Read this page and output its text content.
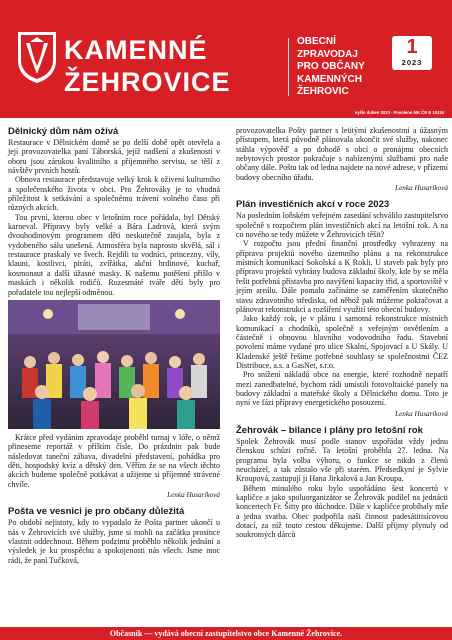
KAMENNÉ
ŽEHROVICE
OBECNÍ
ZPRAVODAJ
PRO OBČANY
KAMENNÝCH
ŽEHROVIC
1
2023
vyšlo duben 2023 · Povolenо MK ČR E 10334
Dělnický dům nám ožívá

Restaurace v Dělnickém domě se po delší době opět otevřela a její provozovatelka paní Táborská, jejíž nadšení a zkušenosti v oboru jsou zárukou kvalitního a příjemného servisu, se těší z návštěv prvních hostů.

Obnova restaurace představuje velký krok k oživení kulturního a společenského života v obci. Pro Žehrováky je to vhodná příležitost k setkávání a společnému trávení volného času při různých akcích.

Tou první, kterou obec v letošním roce pořádala, byl Dětský karneval. Přípravy byly velké a Bára Ladrová, která svým dvouhodinovým programem děti neskutečně zaujala, byla z vydobeného sálu unešená. Atmosféra byla naprosto skvělá, sál i restaurace praskaly ve švech. Rejdili tu vodníci, princezny, víly, klauni, kostlivci, piráti, zvířátka, akční hrdinové, kuchař, kosmonaut a další úžasné masky. K našemu potěšení přišlo v maskách i několik rodičů. Rozesmáté tváře dětí byly pro pořadatele tou nejlepší odměnou.

Krátce před vydáním zpravodaje proběhl turnaj v lóře, o němž přineseme reportáž v příštím čísle. Do prázdnin pak bude následovat taneční zábava, divadelní představení, pohádka pro děti, hospodský kvíz a dětský den. Věřím že se na všech těchto akcích budeme společně potkávat a užijeme si příjemně strávené chvíle.

Lenka Husaríková
Pošta ve vesnici je pro občany důležitá

Po období nejistoty, kdy to vypadalo že Pošta partner ukončí u nás v Žehrovicích své služby, jsme si mohli na začátku prosince vlastnit oddechnout. Během podzimu proběhlo několik jednání a výsledek je ku prospěchu a spokojenosti nás všech. Jsme moc rádi, že paní Tučková,

provozovatelka Pošty partner s letitými zkušenostmi a úžasným přístupem, která původně plánovala ukončit své služby, nakonec stáhla výpověď a po dohodě s obcí o pronájmu obecních nebytových prostor pokračuje s nabízenými službami pro naše občany dále. Poštu tak od ledna najdete na nové adrese, v přízemí budovy obecního úřadu.

Lenka Husaríková
Plán investičních akcí v roce 2023

Na posledním loňském veřejném zasedání schválilo zastupitelstvo společně s rozpočtem plán investičních akcí na letošní rok. A na co nového se tedy můžete v Žehrovicích těšit?

V rozpočtu jsou přední finanční prostředky vyhrazeny na přípravu projektů nového územního plánu a na rekonstrukce místních komunikací Sokolská a K Rokli. U staveb pak byly pro přípravu projektů vybrány budova základní školy, kde by se měla řešit potřebná přístavba pro navýšení kapacity třid, a sportoviště v jejím areálu. Dále pomalu začínáme se zaměřením skutečného stavu zdravotního střediska, od něhož pak můžeme pokračovat a plánovat rekonstrukci a rozšíření využití této obecní budovy.

Jako každý rok, je v plánu i samotná rekonstrukce místních komunikací a chodníků, společně s veřejným osvětlením a částečně i obnovou hlavního vodovodního řadu. Stavební povolení máme vydané pro ulice Skalní, Spojovací a U Skály. U Kladenské ještě řešíme potřebné souhlasy se společnostmi ČEZ Distribuce, a.s. a GasNet, s.r.o.

Pro snížení nákladů obce na energie, které rozhodně nepatří mezi zanedbatelné, bychom rádi umístili fotovoltaické panely na budovy základní a mateřské školy a Dělnického domu. Toto je nyní ve fázi přípravy energetického posouzení.

Lenka Husaríková
Žehrovák – bilance i plány pro letošní rok

Spolek Žehrovák musí podle stanov uspořádat vždy jednu členskou schůzi ročně. Ta letošní proběhla 27. ledna. Na programu byla volba výboru, o funkce se nikdo z členů neucházel, a tak zůstalo vše při starém. Předsedkyní je Sylvie Kroupová, zastupují ji Hana Jirkalová a Jan Kroupa.

Během minulého roku bylo uspořádáno šest koncertů v kapličce a jako spoluorganizátor se Žehrovák podílel na jednácti koncertech Fr. Šitty pro důchodce. Dále v kapličce probíhaly mše a jedna svatba. Obec podpořila naši činnost padesátitisícovou dotací, za níž touto cestou děkujeme. Další příjmy plynuly od soukromých dárců

Občasník — vydává obecní zastupitelstvo obce Kamenné Žehrovice.
